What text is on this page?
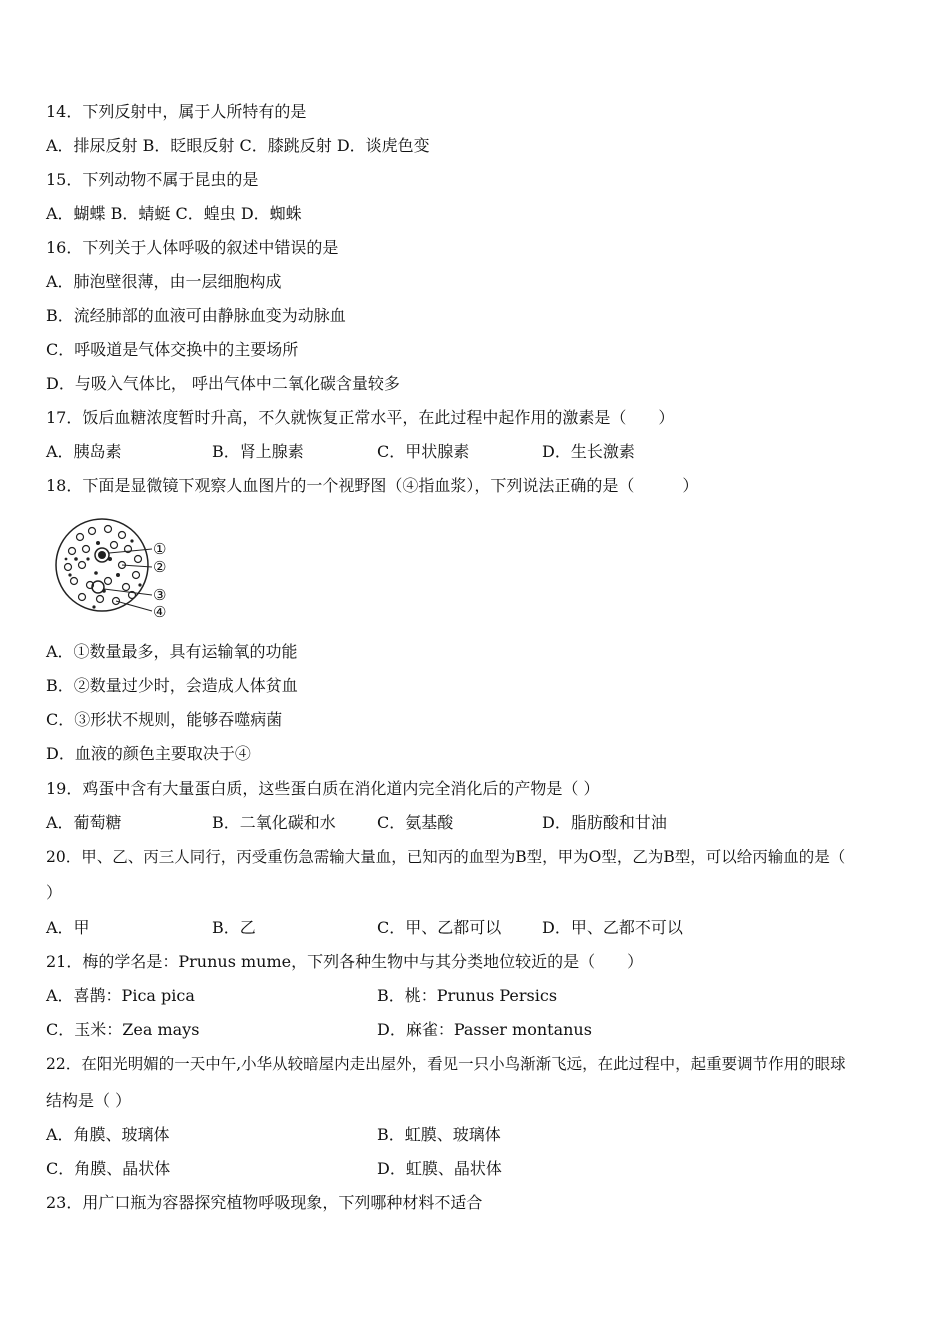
14．下列反射中，属于人所特有的是
A．排尿反射 B．眨眼反射 C．膝跳反射 D．谈虎色变
15．下列动物不属于昆虫的是
A．蝴蝶 B．蜻蜓 C．蝗虫 D．蜘蛛
16．下列关于人体呼吸的叙述中错误的是
A．肺泡壁很薄，由一层细胞构成
B．流经肺部的血液可由静脉血变为动脉血
C．呼吸道是气体交换中的主要场所
D．与吸入气体比， 呼出气体中二氧化碳含量较多
17．饭后血糖浓度暂时升高，不久就恢复正常水平，在此过程中起作用的激素是（　　）
A．胰岛素	B．肾上腺素	C．甲状腺素	D．生长激素
18．下面是显微镜下观察人血图片的一个视野图（④指血浆），下列说法正确的是（　　　）
①
②
③
④
A．①数量最多，具有运输氧的功能
B．②数量过少时，会造成人体贫血
C．③形状不规则，能够吞噬病菌
D．血液的颜色主要取决于④
19．鸡蛋中含有大量蛋白质，这些蛋白质在消化道内完全消化后的产物是（ ）
A．葡萄糖	B．二氧化碳和水	C．氨基酸	D．脂肪酸和甘油
20．甲、乙、丙三人同行，丙受重伤急需输大量血，已知丙的血型为B型，甲为O型，乙为B型，可以给丙输血的是（
）
A．甲	B．乙	C．甲、乙都可以	D．甲、乙都不可以
21．梅的学名是：Prunus mume，下列各种生物中与其分类地位较近的是（　　）
A．喜鹊：Pica pica	B．桃：Prunus Persics
C．玉米：Zea mays	D．麻雀：Passer montanus
22．在阳光明媚的一天中午,小华从较暗屋内走出屋外，看见一只小鸟渐渐飞远，在此过程中，起重要调节作用的眼球
结构是（ ）
A．角膜、玻璃体	B．虹膜、玻璃体
C．角膜、晶状体	D．虹膜、晶状体
23．用广口瓶为容器探究植物呼吸现象，下列哪种材料不适合
